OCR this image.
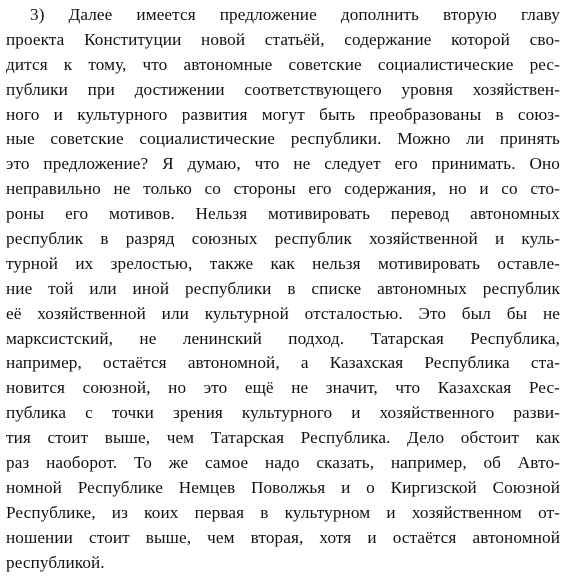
3) Далее имеется предложение дополнить вторую главу
проекта Конституции новой статьёй, содержание которой сво-
дится к тому, что автономные советские социалистические рес-
публики при достижении соответствующего уровня хозяйствен-
ного и культурного развития могут быть преобразованы в союз-
ные советские социалистические республики. Можно ли принять
это предложение? Я думаю, что не следует его принимать. Оно
неправильно не только со стороны его содержания, но и со сто-
роны его мотивов. Нельзя мотивировать перевод автономных
республик в разряд союзных республик хозяйственной и куль-
турной их зрелостью, также как нельзя мотивировать оставле-
ние той или иной республики в списке автономных республик
её хозяйственной или культурной отсталостью. Это был бы не
марксистский, не ленинский подход. Татарская Республика,
например, остаётся автономной, а Казахская Республика ста-
новится союзной, но это ещё не значит, что Казахская Рес-
публика с точки зрения культурного и хозяйственного разви-
тия стоит выше, чем Татарская Республика. Дело обстоит как
раз наоборот. То же самое надо сказать, например, об Авто-
номной Республике Немцев Поволжья и о Киргизской Союзной
Республике, из коих первая в культурном и хозяйственном от-
ношении стоит выше, чем вторая, хотя и остаётся автономной
республикой.
